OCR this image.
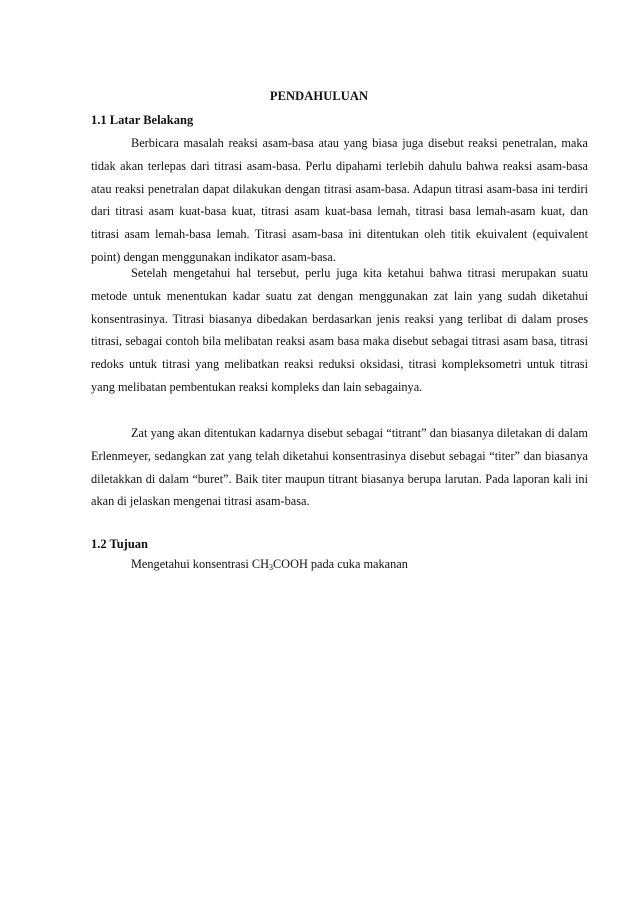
PENDAHULUAN
1.1 Latar Belakang

Berbicara masalah reaksi asam-basa atau yang biasa juga disebut reaksi penetralan, maka tidak akan terlepas dari titrasi asam-basa. Perlu dipahami terlebih dahulu bahwa reaksi asam-basa atau reaksi penetralan dapat dilakukan dengan titrasi asam-basa. Adapun titrasi asam-basa ini terdiri dari titrasi asam kuat-basa kuat, titrasi asam kuat-basa lemah, titrasi basa lemah-asam kuat, dan titrasi asam lemah-basa lemah. Titrasi asam-basa ini ditentukan oleh titik ekuivalent (equivalent point) dengan menggunakan indikator asam-basa.

Setelah mengetahui hal tersebut, perlu juga kita ketahui bahwa titrasi merupakan suatu metode untuk menentukan kadar suatu zat dengan menggunakan zat lain yang sudah diketahui konsentrasinya. Titrasi biasanya dibedakan berdasarkan jenis reaksi yang terlibat di dalam proses titrasi, sebagai contoh bila melibatan reaksi asam basa maka disebut sebagai titrasi asam basa, titrasi redoks untuk titrasi yang melibatkan reaksi reduksi oksidasi, titrasi kompleksometri untuk titrasi yang melibatan pembentukan reaksi kompleks dan lain sebagainya.

Zat yang akan ditentukan kadarnya disebut sebagai “titrant” dan biasanya diletakan di dalam Erlenmeyer, sedangkan zat yang telah diketahui konsentrasinya disebut sebagai “titer” dan biasanya diletakkan di dalam “buret”. Baik titer maupun titrant biasanya berupa larutan. Pada laporan kali ini akan di jelaskan mengenai titrasi asam-basa.

1.2 Tujuan
Mengetahui konsentrasi $CH_3COOH$ pada cuka makanan
